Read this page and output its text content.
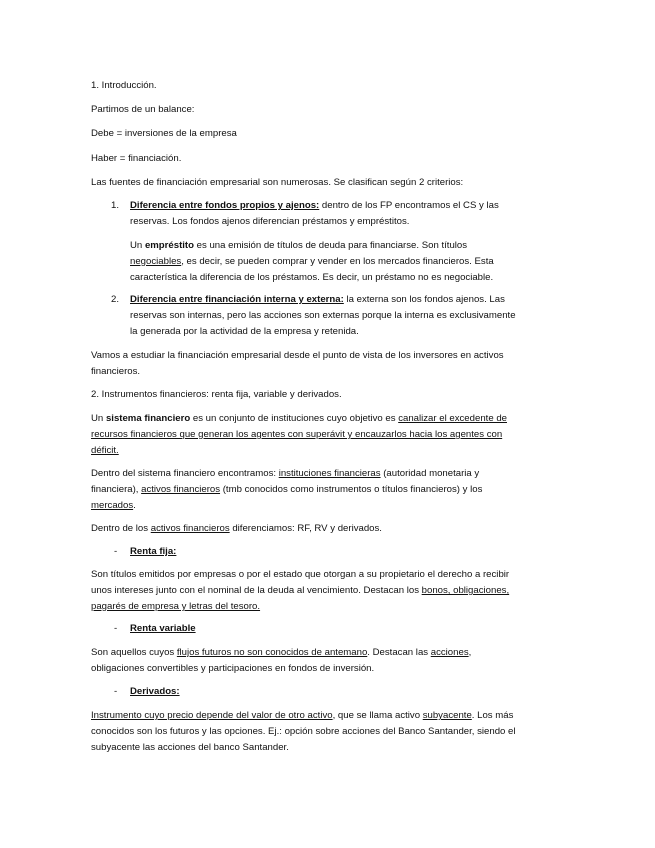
1. Introducción.

Partimos de un balance:

Debe = inversiones de la empresa

Haber = financiación.

Las fuentes de financiación empresarial son numerosas. Se clasifican según 2 criterios:

1. Diferencia entre fondos propios y ajenos: dentro de los FP encontramos el CS y las

reservas. Los fondos ajenos diferencian préstamos y empréstitos.

Un empréstito es una emisión de títulos de deuda para financiarse. Son títulos

negociables, es decir, se pueden comprar y vender en los mercados financieros. Esta

característica la diferencia de los préstamos. Es decir, un préstamo no es negociable.

2. Diferencia entre financiación interna y externa: la externa son los fondos ajenos. Las

reservas son internas, pero las acciones son externas porque la interna es exclusivamente

la generada por la actividad de la empresa y retenida.

Vamos a estudiar la financiación empresarial desde el punto de vista de los inversores en activos

financieros.

2. Instrumentos financieros: renta fija, variable y derivados.

Un sistema financiero es un conjunto de instituciones cuyo objetivo es canalizar el excedente de

recursos financieros que generan los agentes con superávit y encauzarlos hacia los agentes con

déficit.

Dentro del sistema financiero encontramos: instituciones financieras (autoridad monetaria y

financiera), activos financieros (tmb conocidos como instrumentos o títulos financieros) y los

mercados.

Dentro de los activos financieros diferenciamos: RF, RV y derivados.

- Renta fija:

Son títulos emitidos por empresas o por el estado que otorgan a su propietario el derecho a recibir

unos intereses junto con el nominal de la deuda al vencimiento. Destacan los bonos, obligaciones,

pagarés de empresa y letras del tesoro.

- Renta variable

Son aquellos cuyos flujos futuros no son conocidos de antemano. Destacan las acciones,

obligaciones convertibles y participaciones en fondos de inversión.

- Derivados:

Instrumento cuyo precio depende del valor de otro activo, que se llama activo subyacente. Los más

conocidos son los futuros y las opciones. Ej.: opción sobre acciones del Banco Santander, siendo el

subyacente las acciones del banco Santander.
